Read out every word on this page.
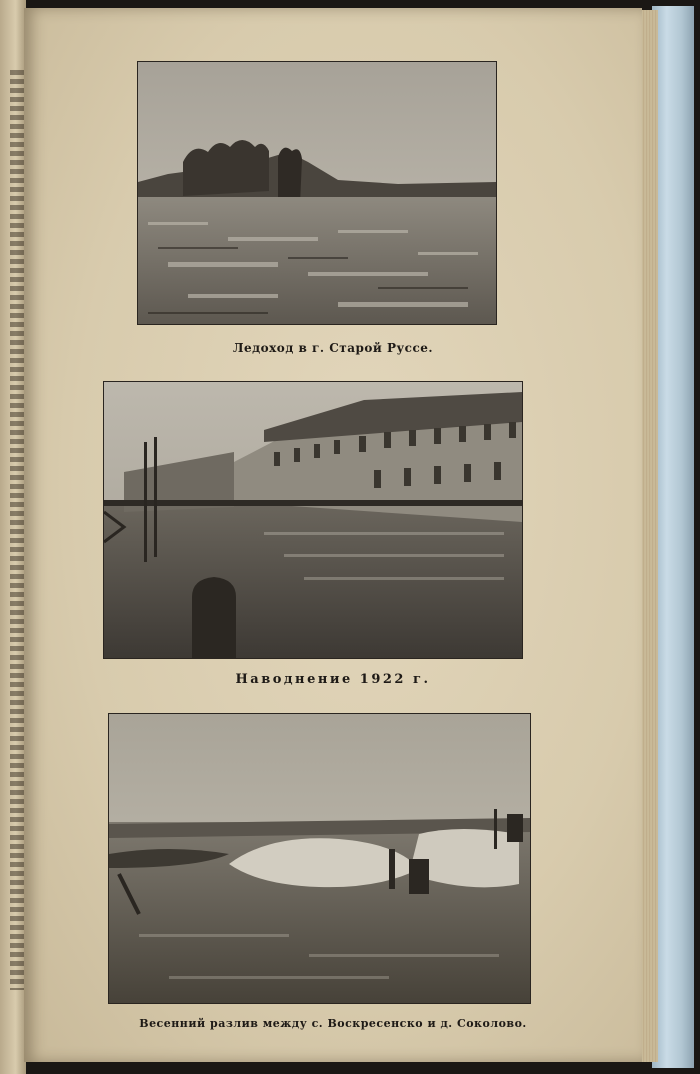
Ледоход в г. Старой Руссе.
Наводнение 1922 г.
Весенний разлив между с. Воскресенско и д. Соколово.
